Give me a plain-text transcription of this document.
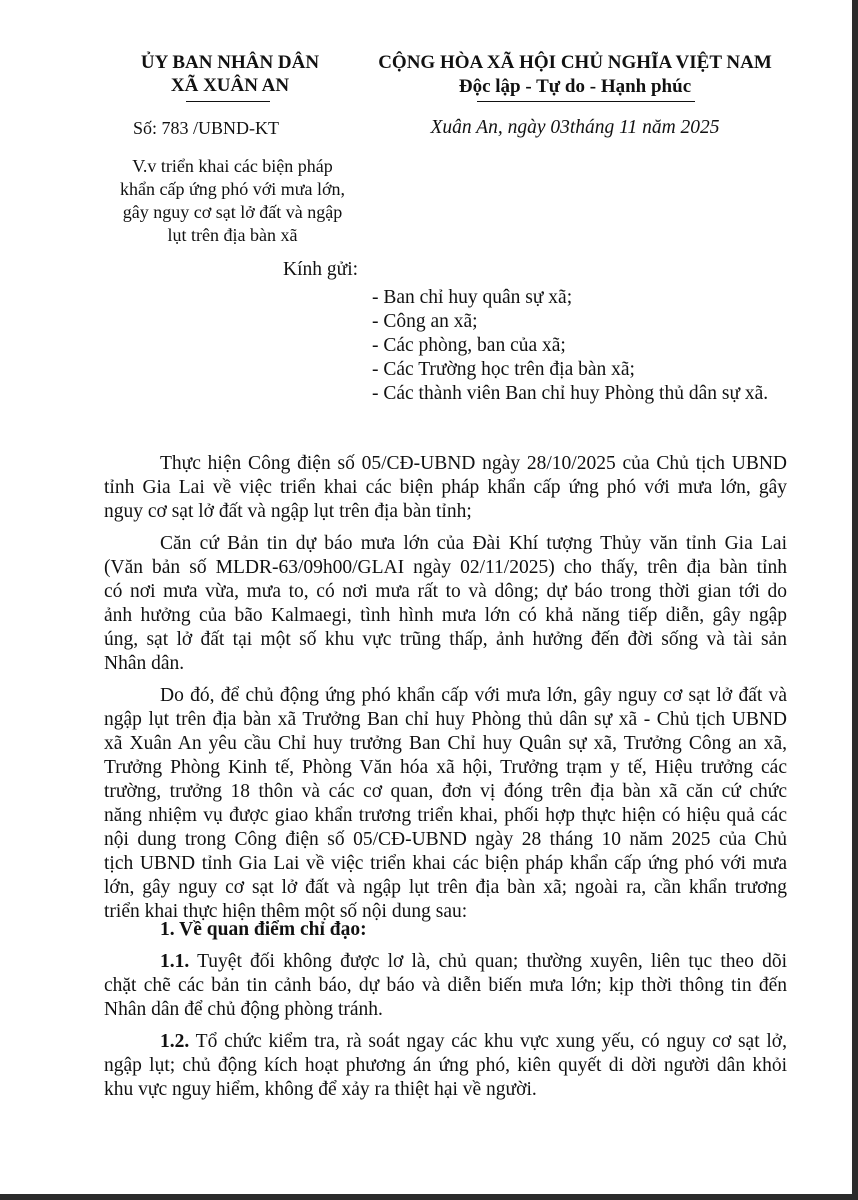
ỦY BAN NHÂN DÂN
XÃ XUÂN AN
Số: 783 /UBND-KT
V.v triển khai các biện pháp
khẩn cấp ứng phó với mưa lớn,
gây nguy cơ sạt lở đất và ngập
lụt trên địa bàn xã
CỘNG HÒA XÃ HỘI CHỦ NGHĨA VIỆT NAM
Độc lập - Tự do - Hạnh phúc
Xuân An, ngày 03tháng 11 năm 2025
Kính gửi:
- Ban chỉ huy quân sự xã;
- Công an xã;
- Các phòng, ban của xã;
- Các Trường học trên địa bàn xã;
- Các thành viên Ban chỉ huy Phòng thủ dân sự xã.
Thực hiện Công điện số 05/CĐ-UBND ngày 28/10/2025 của Chủ tịch UBND
tỉnh Gia Lai về việc triển khai các biện pháp khẩn cấp ứng phó với mưa lớn, gây
nguy cơ sạt lở đất và ngập lụt trên địa bàn tỉnh;
Căn cứ Bản tin dự báo mưa lớn của Đài Khí tượng Thủy văn tỉnh Gia Lai
(Văn bản số MLDR-63/09h00/GLAI ngày 02/11/2025) cho thấy, trên địa bàn tỉnh
có nơi mưa vừa, mưa to, có nơi mưa rất to và dông; dự báo trong thời gian tới do
ảnh hưởng của bão Kalmaegi, tình hình mưa lớn có khả năng tiếp diễn, gây ngập
úng, sạt lở đất tại một số khu vực trũng thấp, ảnh hưởng đến đời sống và tài sản
Nhân dân.
Do đó, để chủ động ứng phó khẩn cấp với mưa lớn, gây nguy cơ sạt lở đất và
ngập lụt trên địa bàn xã Trưởng Ban chỉ huy Phòng thủ dân sự xã - Chủ tịch UBND
xã Xuân An yêu cầu Chỉ huy trưởng Ban Chỉ huy Quân sự xã, Trưởng Công an xã,
Trưởng Phòng Kinh tế, Phòng Văn hóa xã hội, Trưởng trạm y tế, Hiệu trưởng các
trường, trưởng 18 thôn và các cơ quan, đơn vị đóng trên địa bàn xã căn cứ chức
năng nhiệm vụ được giao khẩn trương triển khai, phối hợp thực hiện có hiệu quả các
nội dung trong Công điện số 05/CĐ-UBND ngày 28 tháng 10 năm 2025 của Chủ
tịch UBND tỉnh Gia Lai về việc triển khai các biện pháp khẩn cấp ứng phó với mưa
lớn, gây nguy cơ sạt lở đất và ngập lụt trên địa bàn xã; ngoài ra, cần khẩn trương
triển khai thực hiện thêm một số nội dung sau:
1. Về quan điểm chỉ đạo:
1.1. Tuyệt đối không được lơ là, chủ quan; thường xuyên, liên tục theo dõi
chặt chẽ các bản tin cảnh báo, dự báo và diễn biến mưa lớn; kịp thời thông tin đến
Nhân dân để chủ động phòng tránh.
1.2. Tổ chức kiểm tra, rà soát ngay các khu vực xung yếu, có nguy cơ sạt lở,
ngập lụt; chủ động kích hoạt phương án ứng phó, kiên quyết di dời người dân khỏi
khu vực nguy hiểm, không để xảy ra thiệt hại về người.
